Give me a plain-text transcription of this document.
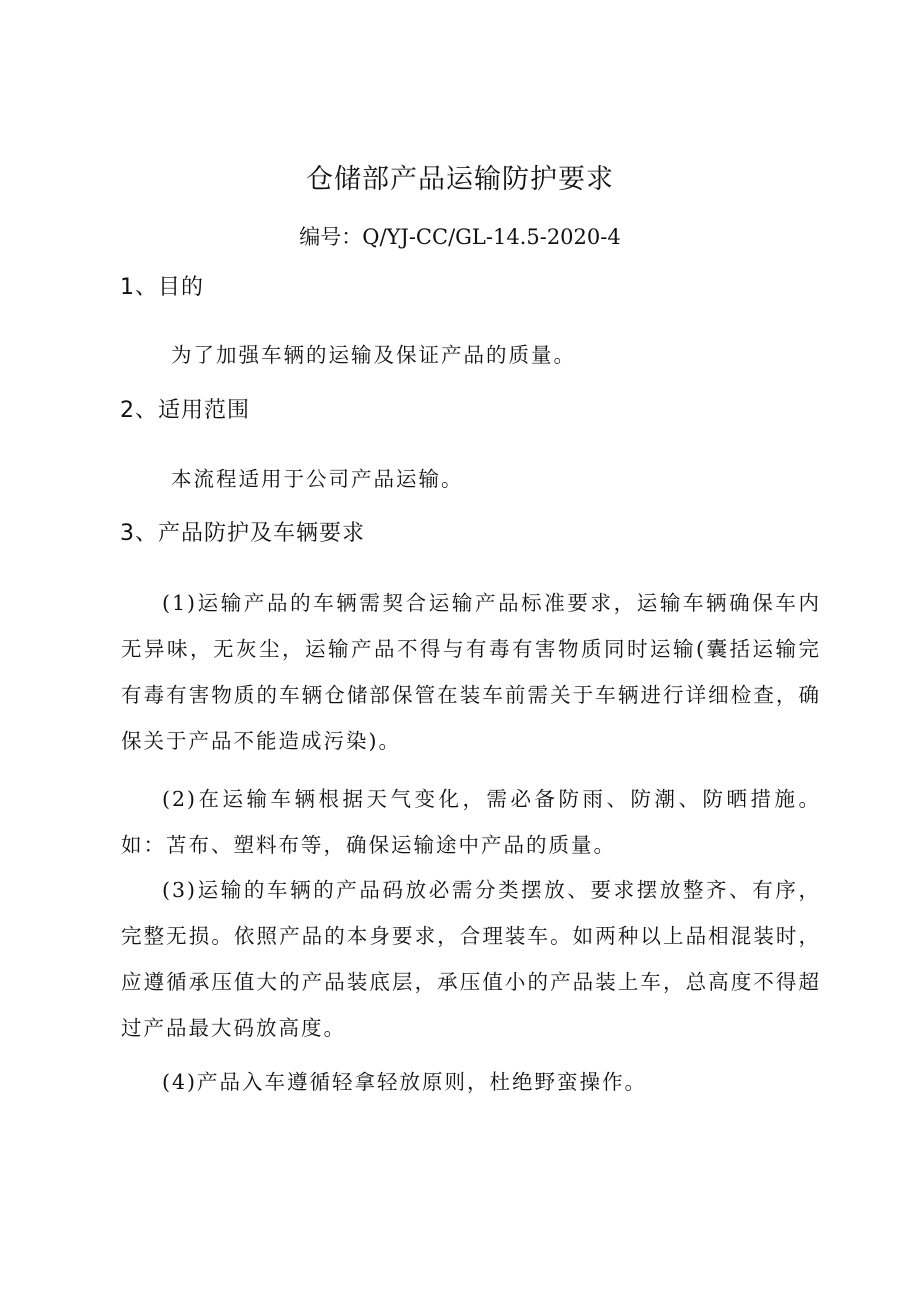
仓储部产品运输防护要求
编号：Q/YJ-CC/GL-14.5-2020-4
1、目的

为了加强车辆的运输及保证产品的质量。

2、适用范围

本流程适用于公司产品运输。

3、产品防护及车辆要求

(1)运输产品的车辆需契合运输产品标准要求，运输车辆确保车内无异味，无灰尘，运输产品不得与有毒有害物质同时运输(囊括运输完有毒有害物质的车辆仓储部保管在装车前需关于车辆进行详细检查，确保关于产品不能造成污染)。

(2)在运输车辆根据天气变化，需必备防雨、防潮、防晒措施。如：苫布、塑料布等，确保运输途中产品的质量。

(3)运输的车辆的产品码放必需分类摆放、要求摆放整齐、有序，完整无损。依照产品的本身要求，合理装车。如两种以上品相混装时，应遵循承压值大的产品装底层，承压值小的产品装上车，总高度不得超过产品最大码放高度。

(4)产品入车遵循轻拿轻放原则，杜绝野蛮操作。
